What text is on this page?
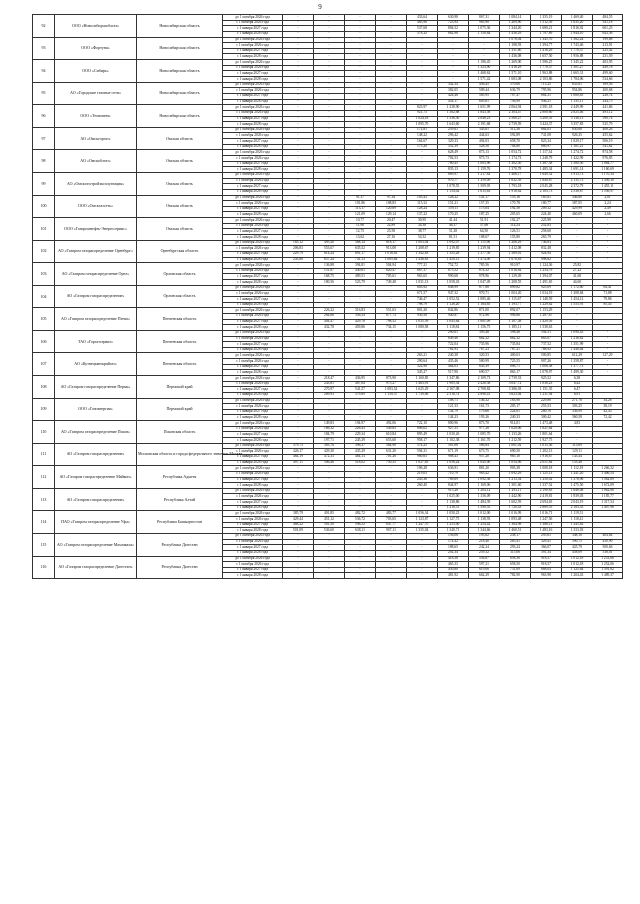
9
92	ООО «Новосибирскоблгаз»	Новосибирская область	до 1 октября 2026 года	-	-	-	-	433,64	630,98	867,31	1 084,14	1 355,19	1 469,40	484,55
			с 1 октября 2026 года	-	-	-	-	485,96	723,94	965,90	1 209,90	1 512,39	1 635,20	541,18
			с 1 января 2027 года	-	-	-	-	537,68	804,52	1 075,36	1 344,20	1 680,21	1 816,92	601,25
			с 1 января 2028 года	-	-	-	-	578,32	862,98	1 150,64	1 438,29	1 797,89	1 944,10	643,36
93	ООО «Фортуна»	Новосибирская область	до 1 октября 2026 года	-	-	-	-	-	-	-	1 076,04	1 345,70	1 562,24	199,88
			с 1 октября 2026 года	-	-	-	-	-	-	-	1 198,93	1 394,77	1 743,46	213,91
			с 1 января 2027 года	-	-	-	-	-	-	-	1 331,80	1 416,29	1 770,37	225,42
			с 1 января 2028 года	-	-	-	-	-	-	-	1 436,08	1 657,50	1 956,88	231,59
94	ООО «Сибирь»	Новосибирская область	до 1 октября 2026 года	-	-	-	-	-	-	1 186,45	1 269,00	1 586,25	1 345,22	403,95
			с 1 октября 2026 года	-	-	-	-	-	-	1 323,90	1 416,29	1 770,37	1 501,27	449,78
			с 1 января 2027 года	-	-	-	-	-	-	1 468,62	1 571,10	1 963,88	1 665,31	499,60
			с 1 января 2028 года	-	-	-	-	-	-	1 571,42	1 683,08	2 103,86	1 784,06	534,66
95	АО «Городские газовые сети»	Новосибирская область	до 1 октября 2026 года	-	-	-	-	-	342,34	456,45	570,60	713,25	833,61	189,56
			с 1 октября 2026 года	-	-	-	-	-	382,05	509,44	636,79	795,96	954,86	200,68
			с 1 января 2027 года	-	-	-	-	-	424,46	565,95	707,47	884,31	1 060,85	228,74
			с 1 января 2028 года	-	-	-	-	-	454,17	605,61	756,99	946,21	1 135,11	244,75
96	ООО «Техноинн»	Новосибирская область	до 1 октября 2026 года	-	-	-	-	823,97	1 238,90	1 651,99	2 064,94	2 581,18	2 449,99	441,86
			с 1 октября 2026 года	-	-	-	-	921,75	1 382,68	1 843,58	2 304,47	2 880,60	2 825,46	493,12
			с 1 января 2027 года	-	-	-	-	1 024,18	1 536,30	2 048,23	2 560,27	3 200,35	3 138,13	590,74
			с 1 января 2028 года	-	-	-	-	1 095,70	1 643,60	2 191,68	2 739,59	3 424,37	3 357,83	525,79
97	АО «Омскгоргаз»	Омская область	до 1 октября 2026 года	-	-	-	-	172,81	259,61	345,61	511,26	664,03	830,06	408,26
			с 1 октября 2026 года	-	-	-	-	148,22	296,42	444,63	592,89	741,08	926,35	455,62
			с 1 января 2027 года	-	-	-	-	164,67	329,33	494,03	658,70	823,34	1 029,17	506,19
			с 1 января 2028 года	-	-	-	-	175,20	352,39	528,58	704,80	880,97	1 101,21	541,62
98	АО «Омскоблгаз»	Омская область	до 1 октября 2026 года	-	-	-	-	-	628,49	873,13	1 054,72	1 117,34	1 274,72	874,58
			с 1 октября 2026 года	-	-	-	-	-	702,53	975,73	1 174,73	1 248,79	1 422,99	976,85
			с 1 января 2027 года	-	-	-	-	-	780,45	1 083,96	1 302,30	1 387,38	1 580,50	1 084,77
			с 1 января 2028 года	-	-	-	-	-	835,13	1 159,76	1 370,78	1 485,34	1 691,14	1 160,69
99	АО «Омскгазстройэксплуатация»	Омская область	до 1 октября 2026 года	-	-	-	-	-	869,97	1 217,82	1 466,17	1 649,52	1 913,73	1 170,34
			с 1 октября 2026 года	-	-	-	-	-	970,77	1 359,09	1 632,39	1 840,87	2 135,73	1 309,30
			с 1 января 2027 года	-	-	-	-	-	1 078,55	1 509,95	1 793,18	2 045,28	2 372,79	1 455,11
			с 1 января 2028 года	-	-	-	-	-	1 154,02	1 615,63	1 918,62	2 183,73	2 538,87	1 556,97
100	ООО «Омскгазсеть»	Омская область	до 1 октября 2026 года	-	-	91,37	97,34	103,43	128,22	141,17	153,16	165,81	346,80	2,01
			с 1 октября 2026 года	-	-	101,86	108,83	115,32	151,21	157,35	170,78	180,77	387,05	2,24
			с 1 января 2027 года	-	-	113,17	120,69	128,24	159,11	175,04	192,58	209,32	429,99	2,49
			с 1 января 2028 года	-	-	121,09	129,14	137,22	170,25	187,25	205,65	224,40	460,09	2,66
101	ООО «Газпромнефть-Энергосервис»	Омская область	до 1 октября 2026 года	-	-	10,77	20,47	30,95	41,44	51,91	102,27	225,98	-	-
			с 1 октября 2026 года	-	-	11,96	22,89	34,38	46,37	57,68	114,24	252,83	-	-
			с 1 января 2027 года	-	-	12,75	25,58	38,77	51,28	64,50	126,51	258,68	-	-
			с 1 января 2028 года	-	-	13,62	27,16	54,32	81,51	108,67	155,80	265,79	-	-
102	АО «Газпром газораспределение Оренбург»	Оренбургская область	до 1 октября 2026 года	185,12	495,40	568,14	818,17	1 003,04	1 092,07	1 115,96	1 206,29	746,83	-	-
			с 1 октября 2026 года	206,83	553,67	635,52	913,08	1 208,67	1 219,85	1 239,94	1 412,08	832,48	-	-
			с 1 января 2027 года	229,79	614,24	691,17	1 016,63	1 342,83	1 355,28	1 377,56	1 569,01	924,94	-	-
			с 1 января 2028 года	245,88	657,24	741,13	1 085,64	1 436,83	1 450,15	1 474,00	1 678,83	998,82	-	-
103	АО «Газпром газораспределение Орел»	Орловская область	до 1 октября 2026 года	-	136,88	394,81	504,94	777,21	752,72	785,56	910,97	1 124,36	25,82	
			с 1 октября 2026 года	-	151,87	440,61	620,47	867,37	875,52	874,32	1 016,64	1 254,79	27,22	
			с 1 января 2027 года	-	168,75	489,51	705,61	963,65	990,68	978,96	1 129,49	1 394,07	41,68	
			с 1 января 2028 года	-	180,56	523,79	749,48	1 031,13	1 058,43	1 047,49	1 208,55	1 491,65	44,60	
104	АО «Газпром газораспределение»	Орловская область	до 1 октября 2026 года	-	-	-	-	603,92	848,99	677,88	899,82	925,09	1 172,60	64,41
			с 1 октября 2026 года	-	-	-	-	671,57	947,32	970,71	1 004,20	1 034,19	1 308,84	71,88
			с 1 января 2027 года	-	-	-	-	746,47	1 052,52	1 085,46	1 115,67	1 148,59	1 454,12	79,86
			с 1 января 2028 года	-	-	-	-	798,79	1 126,20	1 164,65	1 193,77	1 229,62	1 555,91	85,45
105	АО «Газпром газораспределение Пенза»	Пензенская область	до 1 октября 2026 года	-	226,22	316,83	551,63	801,20	842,86	871,00	892,07	1 153,29	-	
			с 1 октября 2026 года	-	264,86	356,54	677,73	930,58	940,87	972,96	996,66	1 287,67	-	
			с 1 января 2027 года	-	404,47	429,78	798,52	1 035,59	1 045,64	1 081,09	1 107,58	1 429,59	-	
			с 1 января 2028 года	-	432,78	459,86	734,15	1 080,58	1 118,84	1 156,75	1 185,11	1 538,63	-	
106	ТАО «Горгазсервиз»	Пензенская область	до 1 октября 2026 года	-	-	-	-	-	290,61	395,48	598,48	594,51	1 090,43	-
			с 1 октября 2026 года	-	-	-	-	-	649,46	662,32	662,32	665,07	1 216,82	-
			с 1 января 2027 года	-	-	-	-	-	722,04	735,96	735,84	737,52	1 351,99	-
			с 1 января 2028 года	-	-	-	-	-	782,93	787,23	787,21	788,92	1 446,64	-
107	АО «Кузнецкмежрайгаз»	Пензенская область	до 1 октября 2026 года	-	-	-	-	263,21	240,38	320,53	400,63	500,85	612,29	127,29
			с 1 октября 2026 года	-	-	-	-	290,64	435,46	580,99	725,55	907,26	1 358,87	-
			с 1 января 2027 года	-	-	-	-	322,98	484,03	645,39	806,71	1 008,38	1 377,73	-
			с 1 января 2028 года	-	-	-	-	345,27	517,90	690,57	863,17	1 078,97	1 499,30	-
108	АО «Газпром газораспределение Пермь»	Пермский край	до 1 октября 2026 года	-	218,47	436,95	873,90	1 160,85	1 347,86	2 109,73	2 739,53	925,52	6,38	
			с 1 октября 2026 года	-	243,81	487,64	975,27	1 463,91	1 905,54	2 428,38	3 047,72	1 036,23	6,42	
			с 1 января 2027 года	-	270,97	541,57	1 083,52	1 625,29	2 167,08	2 708,82	3 386,03	1 151,35	6,47	
			с 1 января 2028 года	-	289,93	579,89	1 159,37	1 739,06	2 318,74	2 898,41	3 623,04	1 231,94	6,91	
109	ООО «Газпэнергия»	Пермский край	до 1 октября 2026 года	-	-	-	-	-	108,71	146,32	183,90	229,88	271,76	34,28
			с 1 октября 2026 года	-	-	-	-	-	121,33	161,73	205,17	255,53	303,25	38,19
			с 1 января 2027 года	-	-	-	-	-	134,79	179,66	224,61	280,78	336,99	42,43
			с 1 января 2028 года	-	-	-	-	-	144,23	193,26	240,33	300,42	360,58	72,42
110	АО «Газпром газораспределение Псков»	Псковская область	до 1 октября 2026 года	-	149,83	194,97	492,06	722,10	800,96	873,70	914,01	1 473,48	4,83	
			с 1 октября 2026 года	-	166,32	226,43	549,83	806,02	927,35	977,28	1 020,06	1 621,64	-	
			с 1 января 2027 года	-	184,79	229,34	610,84	895,49	1 030,26	1 085,70	1 133,26	1 801,64	-	
			с 1 января 2028 года	-	197,71	245,39	653,60	958,17	1 102,38	1 161,70	1 212,59	1 927,75	-	
111	АО «Газпром газораспределение»	Московская область и города федерального значения Москва	до 1 октября 2026 года	379,73	383,76	396,37	564,90	574,25	581,68	586,84	1 061,02	1 015,56	115,69	
			с 1 октября 2026 года	426,17	429,30	435,29	631,20	594,31	671,19	673,75	690,50	1 202,13	129,11	
			с 1 января 2027 года	464,19	472,33	484,13	701,26	960,65	988,43	957,28	985,10	1 916,67	143,44	
			с 1 января 2028 года	497,11	506,46	518,02	750,35	1 027,85	1 056,24	1 045,00	1 054,06	2 051,84	153,48	
112	АО «Газпром газораспределение Майкоп»	Республика Адыгея	до 1 октября 2026 года	-	-	-	-	196,28	636,91	881,20	903,38	1 008,18	1 112,19	1 266,32
			с 1 октября 2026 года	-	-	-	-	219,03	710,79	983,42	1 092,29	1 125,13	1 241,20	1 406,54
			с 1 января 2027 года	-	-	-	-	243,36	789,69	1 092,38	1 213,54	1 250,02	1 378,96	1 562,69
			с 1 января 2028 года	-	-	-	-	260,40	844,97	1 169,06	1 301,60	1 337,52	1 475,50	1 672,09
113	АО «Газпром газораспределение»	Республика Алтай	до 1 октября 2026 года	-	-	-	-	-	915,28	1 204,12	1 293,11	2 190,63	1 648,08	1 062,88
			с 1 октября 2026 года	-	-	-	-	-	1 025,00	1 336,09	1 442,90	2 419,81	1 839,03	1 185,77
			с 1 января 2027 года	-	-	-	-	-	1 138,86	1 484,39	1 602,59	2 694,65	2 043,19	1 317,54
			с 1 января 2028 года	-	-	-	-	-	1 218,51	1 590,55	1 720,43	2 869,55	2 183,35	1 407,96
114	ПАО «Газпром газораспределение Уфа»	Республика Башкортостан	до 1 октября 2026 года	385,79	401,85	482,72	483,77	1 056,34	1 050,23	1 012,00	1 016,99	1 016,71	1 119,51	
			с 1 октября 2026 года	429,44	451,12	536,72	703,65	1 123,87	1 127,75	1 138,93	1 093,48	1 247,56	1 118,41	
			с 1 января 2027 года	468,22	501,50	596,52	847,77	1 247,70	1 253,00	1 254,42	1 364,98	1 386,13	1 245,82	
			с 1 января 2028 года	501,09	536,60	638,11	907,11	1 335,04	1 340,71	1 344,66	1 460,51	1 483,16	1 333,03	
115	АО «Газпром газораспределение Махачкала»	Республика Дагестан	до 1 октября 2026 года	-	-	-	-	-	156,06	195,62	238,17	295,61	348,10	404,84
			с 1 октября 2026 года	-	-	-	-	-	174,42	218,40	265,41	329,41	390,75	450,90
			с 1 января 2027 года	-	-	-	-	-	188,65	242,24	293,24	366,07	425,79	500,66
			с 1 января 2028 года	-	-	-	-	-	202,34	259,32	315,06	391,34	458,09	538,01
116	АО «Газпром газораспределение Дагестан»	Республика Дагестан	до 1 октября 2026 года	-	-	-	-	-	418,36	556,87	658,36	918,57	1 012,18	1 253,06
			с 1 октября 2026 года	-	-	-	-	-	465,33	597,21	658,50	918,57	1 012,18	1 252,06
			с 1 января 2027 года	-	-	-	-	-	450,80	619,06	731,69	868,04	1 125,64	1 391,82
			с 1 января 2028 года	-	-	-	-	-	481,92	662,29	782,90	963,98	1 204,43	1 489,37
